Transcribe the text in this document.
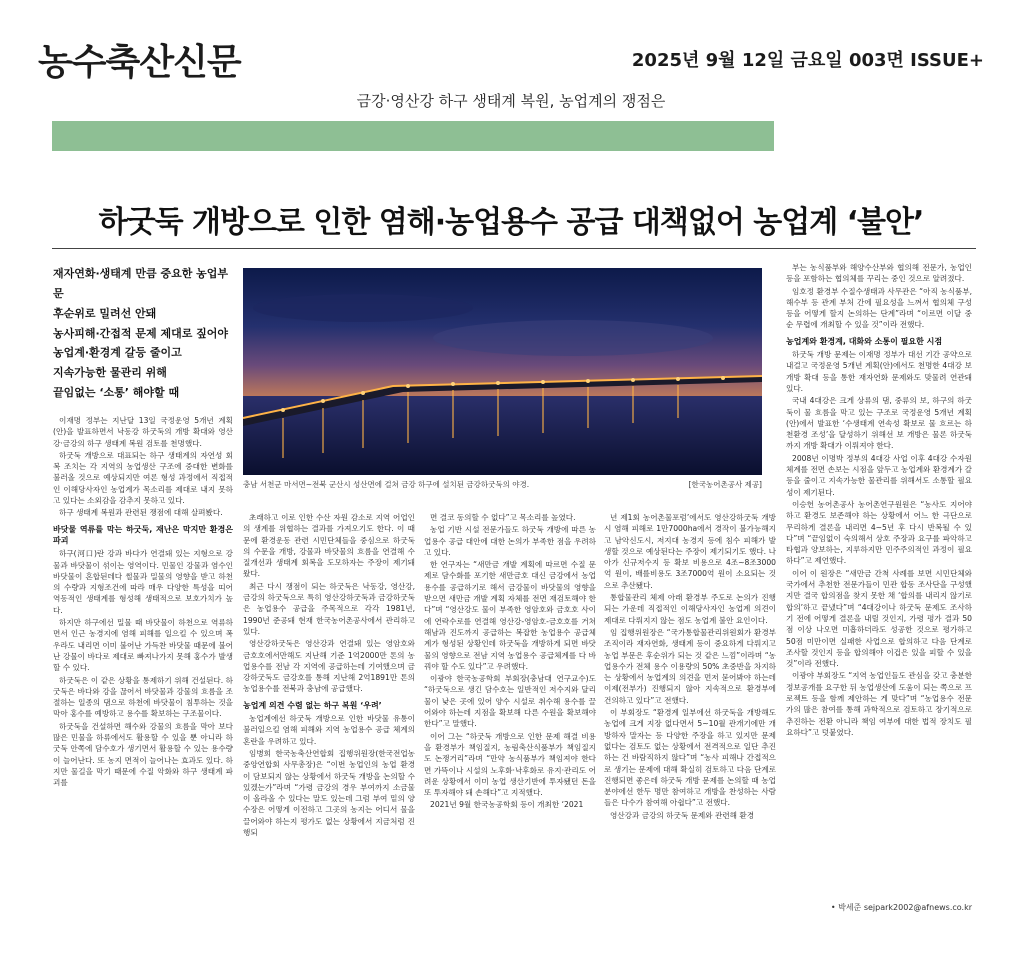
농수축산신문	2025년 9월 12일 금요일 003면 ISSUE+
금강·영산강 하구 생태계 복원, 농업계의 쟁점은
하굿둑 개방으로 인한 염해·농업용수 공급 대책없어 농업계 ‘불안’
재자연화·생태계 만큼 중요한 농업부문
후순위로 밀려선 안돼
농사피해·간접적 문제 제대로 짚어야
농업계·환경계 갈등 줄이고
지속가능한 물관리 위해
끝임없는 ‘소통’ 해야할 때
충남 서천군 마서면~전북 군산시 성산면에 걸쳐 금강 하구에 설치된 금강하굿둑의 야경.	[한국농어촌공사 제공]

이재명 정부는 지난달 13일 국정운영 5개년 계획(안)을 발표하면서 낙동강 하굿둑의 개방 확대와 영산강·금강의 하구 생태계 복원 검토를 천명했다.

하굿둑 개방으로 대표되는 하구 생태계의 자연성 회복 조치는 각 지역의 농업생산 구조에 중대한 변화를 불러올 것으로 예상되지만 여론 형성 과정에서 직접적인 이해당사자인 농업계가 목소리를 제대로 내지 못하고 있다는 소외감을 감추지 못하고 있다.

하구 생태계 복원과 관련된 쟁점에 대해 살펴봤다.

바닷물 역류를 막는 하굿둑, 재난은 막지만 환경은 파괴

하구(河口)란 강과 바다가 연결돼 있는 지형으로 강물과 바닷물이 섞이는 영역이다. 민물인 강물과 염수인 바닷물이 혼합된데다 썰물과 밀물의 영향을 받고 하천의 수량과 지형조건에 따라 매우 다양한 특성을 띠어 역동적인 생태계를 형성해 생태적으로 보호가치가 높다.

하지만 하구에선 밀물 때 바닷물이 하천으로 역류하면서 인근 농경지에 염해 피해를 일으킬 수 있으며 폭우라도 내리면 이미 불어난 가득찬 바닷물 때문에 불어난 강물이 바다로 제대로 빠져나가지 못해 홍수가 발생할 수 있다.

하굿둑은 이 같은 상황을 통제하기 위해 건설된다. 하굿둑은 바다와 강을 끊어서 바닷물과 강물의 흐름을 조절하는 일종의 댐으로 하천에 바닷물이 침투하는 것을 막아 홍수를 예방하고 용수를 확보하는 구조물이다.

하굿둑을 건설하면 해수와 강물의 흐름을 막아 보다 많은 민물을 하류에서도 활용할 수 있을 뿐 아니라 하굿둑 안쪽에 담수호가 생기면서 활용할 수 있는 용수량이 늘어난다. 또 농지 면적이 늘어나는 효과도 있다. 하지만 물길을 막기 때문에 수질 악화와 하구 생태계 파괴를

초래하고 이로 인한 수산 자원 감소로 지역 어업인의 생계를 위협하는 결과를 가져오기도 한다. 이 때문에 환경운동 관련 시민단체들을 중심으로 하굿둑의 수문을 개방, 강물과 바닷물의 흐름을 연결해 수질개선과 생태계 회복을 도모하자는 주장이 제기돼왔다.

최근 다시 쟁점이 되는 하굿둑은 낙동강, 영산강, 금강의 하굿둑으로 특히 영산강하굿둑과 금강하굿둑은 농업용수 공급을 주목적으로 각각 1981년, 1990년 준공돼 현재 한국농어촌공사에서 관리하고 있다.

영산강하굿둑은 영산강과 연결돼 있는 영암호와 금호호에서만해도 지난해 기준 1억2000만 톤의 농업용수를 전남 각 지역에 공급하는데 기여했으며 금강하굿둑도 금강호를 통해 지난해 2억1891만 톤의 농업용수를 전북과 충남에 공급했다.

농업계 의견 수렴 없는 하구 복원 ‘우려’

농업계에선 하굿둑 개방으로 인한 바닷물 유통이 불러일으킬 염해 피해와 지역 농업용수 공급 체계의 혼란을 우려하고 있다.

임병희 한국농축산연합회 집행위원장(한국전업농중앙연합회 사무총장)은 “이번 농업인의 농업 환경이 담보되지 않는 상황에서 하굿둑 개방을 논의할 수 있겠는가”라며 “가령 금강의 경우 부여까지 소금물이 올라올 수 있다는 말도 있는데 그럼 부여 밑의 양수장은 어떻게 이전하고 그곳의 농지는 어디서 물을 끌어와야 하는지 평가도 없는 상황에서 지금처럼 진행되

면 결코 동의할 수 없다”고 목소리를 높였다.

농업 기반 시설 전문가들도 하굿둑 개방에 따른 농업용수 공급 대안에 대한 논의가 부족한 점을 우려하고 있다.

한 연구자는 “새만금 개발 계획에 따르면 수질 문제로 담수화를 포기한 새만금호 대신 금강에서 농업용수를 공급하기로 해서 금강물이 바닷물의 영향을 받으면 새만금 개발 계획 자체를 전면 재검토해야 한다”며 “영산강도 물이 부족한 영암호와 금호호 사이에 연락수로를 연결해 영산강-영암호-금호호를 거쳐 해남과 진도까지 공급하는 복잡한 농업용수 공급체계가 형성된 상황인데 하굿둑을 개방하게 되면 바닷물의 영향으로 전남 지역 농업용수 공급체계를 다 바꿔야 할 수도 있다”고 우려했다.

이광야 한국농공학회 부회장(충남대 연구교수)도 “하굿둑으로 생긴 담수호는 일반적인 저수지와 달리 물이 낮은 곳에 있어 양수 시설로 취수해 용수를 끌어와야 하는데 지점을 확보해 다른 수원을 확보해야 한다”고 말했다.

이어 그는 “하굿둑 개방으로 인한 문제 해결 비용을 환경부가 책임질지, 농림축산식품부가 책임질지도 논쟁거리”라며 “만약 농식품부가 책임져야 한다면 가뜩이나 시설의 노후화·낙후화로 유지·관리도 어려운 상황에서 이미 농업 생산기반에 투자됐던 돈을 또 투자해야 돼 손해다”고 지적했다.

2021년 9월 한국농공학회 등이 개최한 ‘2021

년 제1회 농어촌물포럼’에서도 영산강하굿둑 개방 시 염해 피해로 1만7000ha에서 경작이 불가능해지고 남악신도시, 저지대 농경지 등에 침수 피해가 발생할 것으로 예상된다는 주장이 제기되기도 했다. 나아가 신규저수지 등 확보 비용으로 4조~8조3000억 원이, 배를비용도 3조7000억 원이 소요되는 것으로 추산됐다.

통합물관리 체제 아래 환경부 주도로 논의가 진행되는 가운데 직접적인 이해당사자인 농업계 의견이 제대로 다뤄지지 않는 점도 농업계 불안 요인이다.

임 집행위원장은 “국가통합물관리위원회가 환경부 조직이라 재자연화, 생태계 등이 중요하게 다뤄지고 농업 부문은 후순위가 되는 것 같은 느낌”이라며 “농업용수가 전체 용수 이용량의 50% 초중반을 차지하는 상황에서 농업계의 의견을 먼저 묻어봐야 하는데 이제(전부가) 진행되지 않아 지속적으로 환경부에 건의하고 있다”고 전했다.

이 부회장도 “환경계 일부에선 하굿둑을 개방해도 농업에 크게 지장 없다면서 5~10월 관개기에만 개방하자 말자는 등 다양한 주장을 하고 있지만 문제 없다는 검토도 없는 상황에서 전격적으로 일단 추진하는 건 바람직하지 않다”며 “농사 피해나 간접적으로 생기는 문제에 대해 확실히 검토하고 다음 단계로 진행되면 좋은데 하굿둑 개방 문제를 논의할 때 농업분야에선 한두 명만 참여하고 개방을 찬성하는 사람들은 다수가 참여해 아쉽다”고 전했다.

영산강과 금강의 하굿둑 문제와 관련해 환경

부는 농식품부와 해양수산부와 협의해 전문가, 농업인 등을 포함하는 협의체를 꾸리는 중인 것으로 알려졌다.

임호정 환경부 수질수생태과 사무관은 “아직 농식품부, 해수부 등 관계 부처 간에 필요성을 느껴서 협의체 구성 등을 어떻게 할지 논의하는 단계”라며 “이르면 이달 중순 무렵에 개최할 수 있을 것”이라 전했다.

농업계와 환경계, 대화와 소통이 필요한 시점

하굿둑 개방 문제는 이재명 정부가 대선 기간 공약으로 내걸고 국정운영 5개년 계획(안)에서도 천명한 4대강 보 개방 확대 등을 통한 재자연화 문제와도 맞물려 연관돼 있다.

국내 4대강은 크게 상류의 댐, 중류의 보, 하구의 하굿둑이 물 흐름을 막고 있는 구조로 국정운영 5개년 계획(안)에서 발표한 ‘수생태계 연속성 확보로 물 흐르는 하천환경 조성’을 달성하기 위해선 보 개방은 물론 하굿둑까지 개방 확대가 이뤄져야 한다.

2008년 이명박 정부의 4대강 사업 이후 4대강 수자원 체계를 전면 손보는 시점을 앞두고 농업계와 환경계가 갈등을 줄이고 지속가능한 물관리를 위해서도 소통할 필요성이 제기된다.

이승헌 농어촌공사 농어촌연구원원은 “농사도 지어야 하고 환경도 보존해야 하는 상황에서 어느 한 극단으로 무리하게 결론을 내리면 4~5년 후 다시 반복될 수 있다”며 “끝임없이 숙의해서 상호 주장과 요구를 파악하고 타협과 양보하는, 지루하지만 민주주의적인 과정이 필요하다”고 제언했다.

이어 이 원장은 “새만금 간척 사례를 보면 시민단체와 국가에서 추천한 전문가들이 민관 합동 조사단을 구성했지만 결국 합의점을 찾지 못한 채 ‘합의를 내리지 않기로 합의’하고 끝냈다”며 “4대강이나 하굿둑 문제도 조사하기 전에 어떻게 결론을 내릴 것인지, 가령 평가 결과 50점 이상 나오면 미흡하더라도 성공한 것으로 평가하고 50점 미만이면 실패한 사업으로 합의하고 다음 단계로 조사할 것인지 등을 합의해야 이겁은 있을 피할 수 있을 것”이라 전했다.

이광야 부회장도 “지역 농업인들도 관심을 갖고 충분한 정보공개를 요구한 뒤 농업생산에 도움이 되는 쪽으로 프로젝트 등을 함께 제안하는 게 맞다”며 “농업용수 전문가의 많은 참여를 통해 과학적으로 검토하고 장기적으로 추진하는 전환 아니라 책임 여부에 대한 법적 장치도 필요하다”고 덧붙였다.

• 박세준 sejpark2002@afnews.co.kr
